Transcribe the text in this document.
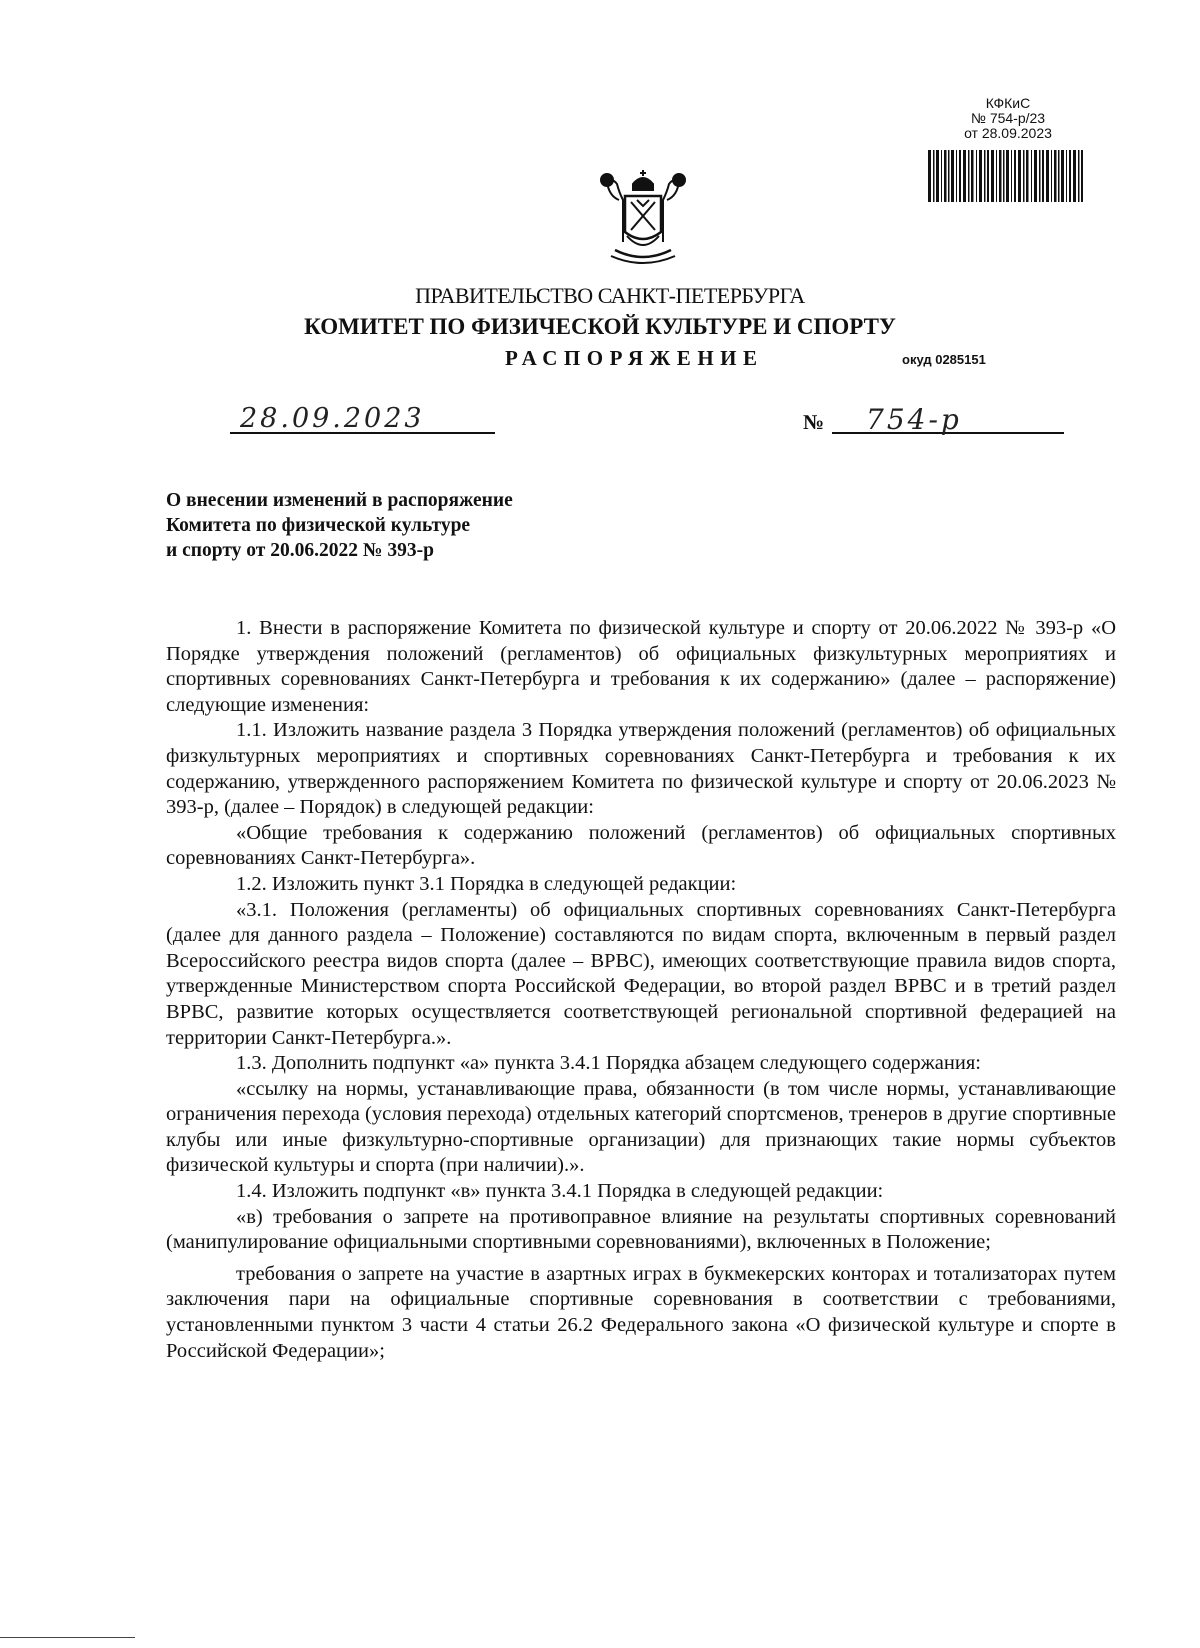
КФКиС
№ 754-р/23
от 28.09.2023
ПРАВИТЕЛЬСТВО САНКТ-ПЕТЕРБУРГА
КОМИТЕТ ПО ФИЗИЧЕСКОЙ КУЛЬТУРЕ И СПОРТУ
РАСПОРЯЖЕНИЕ	окуд 0285151
28.09.2023	№ 754-р
О внесении изменений в распоряжение
Комитета по физической культуре
и спорту от 20.06.2022 № 393-р

1. Внести в распоряжение Комитета по физической культуре и спорту от 20.06.2022 № 393-р «О Порядке утверждения положений (регламентов) об официальных физкультурных мероприятиях и спортивных соревнованиях Санкт-Петербурга и требования к их содержанию» (далее – распоряжение) следующие изменения:

1.1. Изложить название раздела 3 Порядка утверждения положений (регламентов) об официальных физкультурных мероприятиях и спортивных соревнованиях Санкт-Петербурга и требования к их содержанию, утвержденного распоряжением Комитета по физической культуре и спорту от 20.06.2023 № 393-р, (далее – Порядок) в следующей редакции:

«Общие требования к содержанию положений (регламентов) об официальных спортивных соревнованиях Санкт-Петербурга».

1.2. Изложить пункт 3.1 Порядка в следующей редакции:

«3.1. Положения (регламенты) об официальных спортивных соревнованиях Санкт-Петербурга (далее для данного раздела – Положение) составляются по видам спорта, включенным в первый раздел Всероссийского реестра видов спорта (далее – ВРВС), имеющих соответствующие правила видов спорта, утвержденные Министерством спорта Российской Федерации, во второй раздел ВРВС и в третий раздел ВРВС, развитие которых осуществляется соответствующей региональной спортивной федерацией на территории Санкт-Петербурга.».

1.3. Дополнить подпункт «а» пункта 3.4.1 Порядка абзацем следующего содержания:

«ссылку на нормы, устанавливающие права, обязанности (в том числе нормы, устанавливающие ограничения перехода (условия перехода) отдельных категорий спортсменов, тренеров в другие спортивные клубы или иные физкультурно-спортивные организации) для признающих такие нормы субъектов физической культуры и спорта (при наличии).».

1.4. Изложить подпункт «в» пункта 3.4.1 Порядка в следующей редакции:

«в) требования о запрете на противоправное влияние на результаты спортивных соревнований (манипулирование официальными спортивными соревнованиями), включенных в Положение;

требования о запрете на участие в азартных играх в букмекерских конторах и тотализаторах путем заключения пари на официальные спортивные соревнования в соответствии с требованиями, установленными пунктом 3 части 4 статьи 26.2 Федерального закона «О физической культуре и спорте в Российской Федерации»;
